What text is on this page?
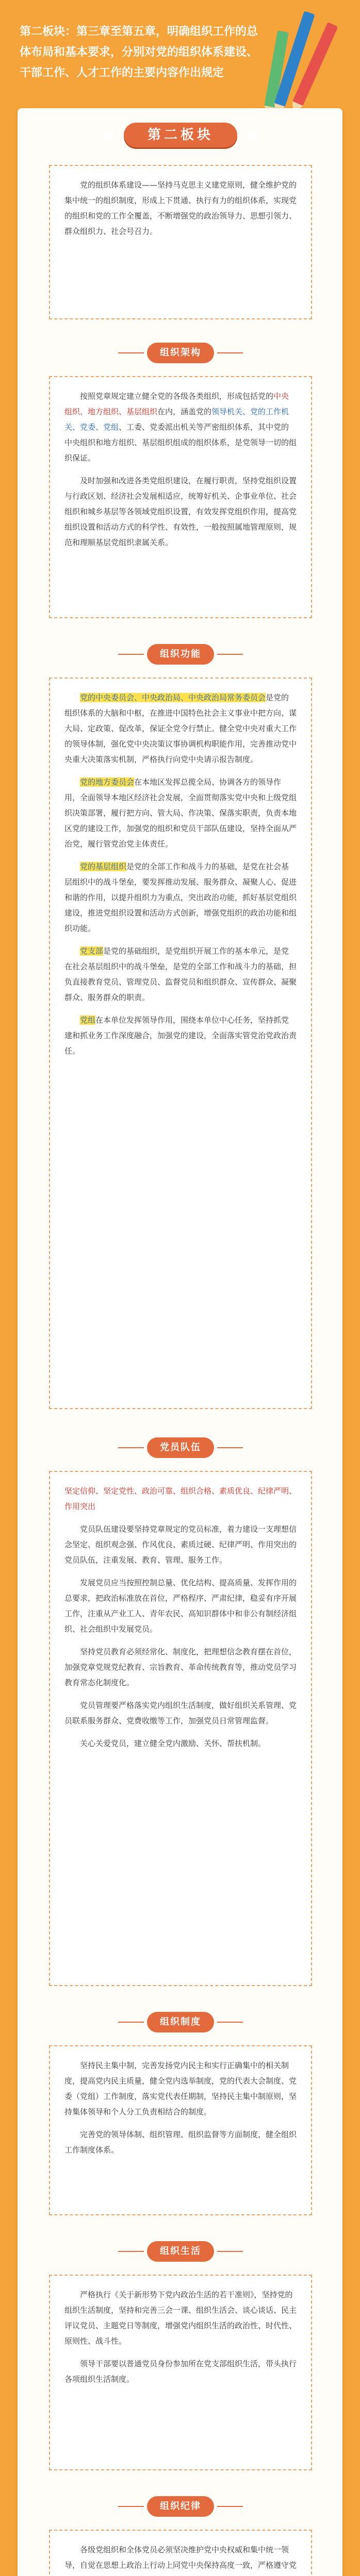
第二板块：第三章至第五章，明确组织工作的总体布局和基本要求，分别对党的组织体系建设、干部工作、人才工作的主要内容作出规定
第二板块

党的组织体系建设——坚持马克思主义建党原则，健全维护党的集中统一的组织制度，形成上下贯通、执行有力的组织体系，实现党的组织和党的工作全覆盖，不断增强党的政治领导力、思想引领力、群众组织力、社会号召力。

组织架构

按照党章规定建立健全党的各级各类组织，形成包括党的中央组织、地方组织、基层组织在内，涵盖党的领导机关、党的工作机关、党委、党组、工委、党委派出机关等严密组织体系，其中党的中央组织和地方组织、基层组织组成的组织体系，是党领导一切的组织保证。

及时加强和改进各类党组织建设，在履行职责，坚持党组织设置与行政区划、经济社会发展相适应，统筹好机关、企事业单位、社会组织和城乡基层等各领域党组织设置，有效发挥党组织作用，提高党组织设置和活动方式的科学性、有效性，一般按照属地管理原则，规范和理顺基层党组织隶属关系。

组织功能

党的中央委员会、中央政治局、中央政治局常务委员会是党的组织体系的大脑和中枢，在推进中国特色社会主义事业中把方向、谋大局、定政策、促改革，保证全党令行禁止。健全党中央对重大工作的领导体制，强化党中央决策议事协调机构职能作用，完善推动党中央重大决策落实机制，严格执行向党中央请示报告制度。

党的地方委员会在本地区发挥总揽全局、协调各方的领导作用，全面领导本地区经济社会发展，全面贯彻落实党中央和上级党组织决策部署，履行把方向、管大局、作决策、保落实职责，负责本地区党的建设工作，加强党的组织和党员干部队伍建设，坚持全面从严治党，履行管党治党主体责任。

党的基层组织是党的全部工作和战斗力的基础，是党在社会基层组织中的战斗堡垒，要发挥推动发展、服务群众、凝聚人心、促进和谐的作用，以提升组织力为重点，突出政治功能，抓好基层党组织建设，推进党组织设置和活动方式创新，增强党组织的政治功能和组织功能。

党支部是党的基础组织，是党组织开展工作的基本单元，是党在社会基层组织中的战斗堡垒，是党的全部工作和战斗力的基础，担负直接教育党员、管理党员、监督党员和组织群众、宣传群众、凝聚群众、服务群众的职责。

党组在本单位发挥领导作用，围绕本单位中心任务，坚持抓党建和抓业务工作深度融合，加强党的建设，全面落实管党治党政治责任。

党员队伍

坚定信仰、坚定党性、政治可靠、组织合格、素质优良、纪律严明、作用突出

党员队伍建设要坚持党章规定的党员标准，着力建设一支理想信念坚定、组织观念强、作风优良、素质过硬、纪律严明、作用突出的党员队伍，注重发展、教育、管理、服务工作。

发展党员应当按照控制总量、优化结构、提高质量、发挥作用的总要求，把政治标准放在首位，严格程序、严肃纪律，稳妥有序开展工作，注重从产业工人、青年农民、高知识群体中和非公有制经济组织、社会组织中发展党员。

坚持党员教育必须经常化、制度化，把理想信念教育摆在首位，加强党章党规党纪教育、宗旨教育、革命传统教育等，推动党员学习教育常态化制度化。

党员管理要严格落实党内组织生活制度，做好组织关系管理、党员联系服务群众、党费收缴等工作，加强党员日常管理监督。

关心关爱党员，建立健全党内激励、关怀、帮扶机制。

组织制度

坚持民主集中制，完善发扬党内民主和实行正确集中的相关制度，提高党内民主质量，健全党内选举制度，党的代表大会制度、党委（党组）工作制度，落实党代表任期制，坚持民主集中制原则，坚持集体领导和个人分工负责相结合的制度。

完善党的领导体制、组织管理、组织监督等方面制度，健全组织工作制度体系。

组织生活

严格执行《关于新形势下党内政治生活的若干准则》，坚持党的组织生活制度，坚持和完善三会一课、组织生活会、谈心谈话、民主评议党员、主题党日等制度，增强党内组织生活的政治性、时代性、原则性、战斗性。

领导干部要以普通党员身份参加所在党支部组织生活，带头执行各项组织生活制度。

组织纪律

各级党组织和全体党员必须坚决维护党中央权威和集中统一领导，自觉在思想上政治上行动上同党中央保持高度一致，严格遵守党
